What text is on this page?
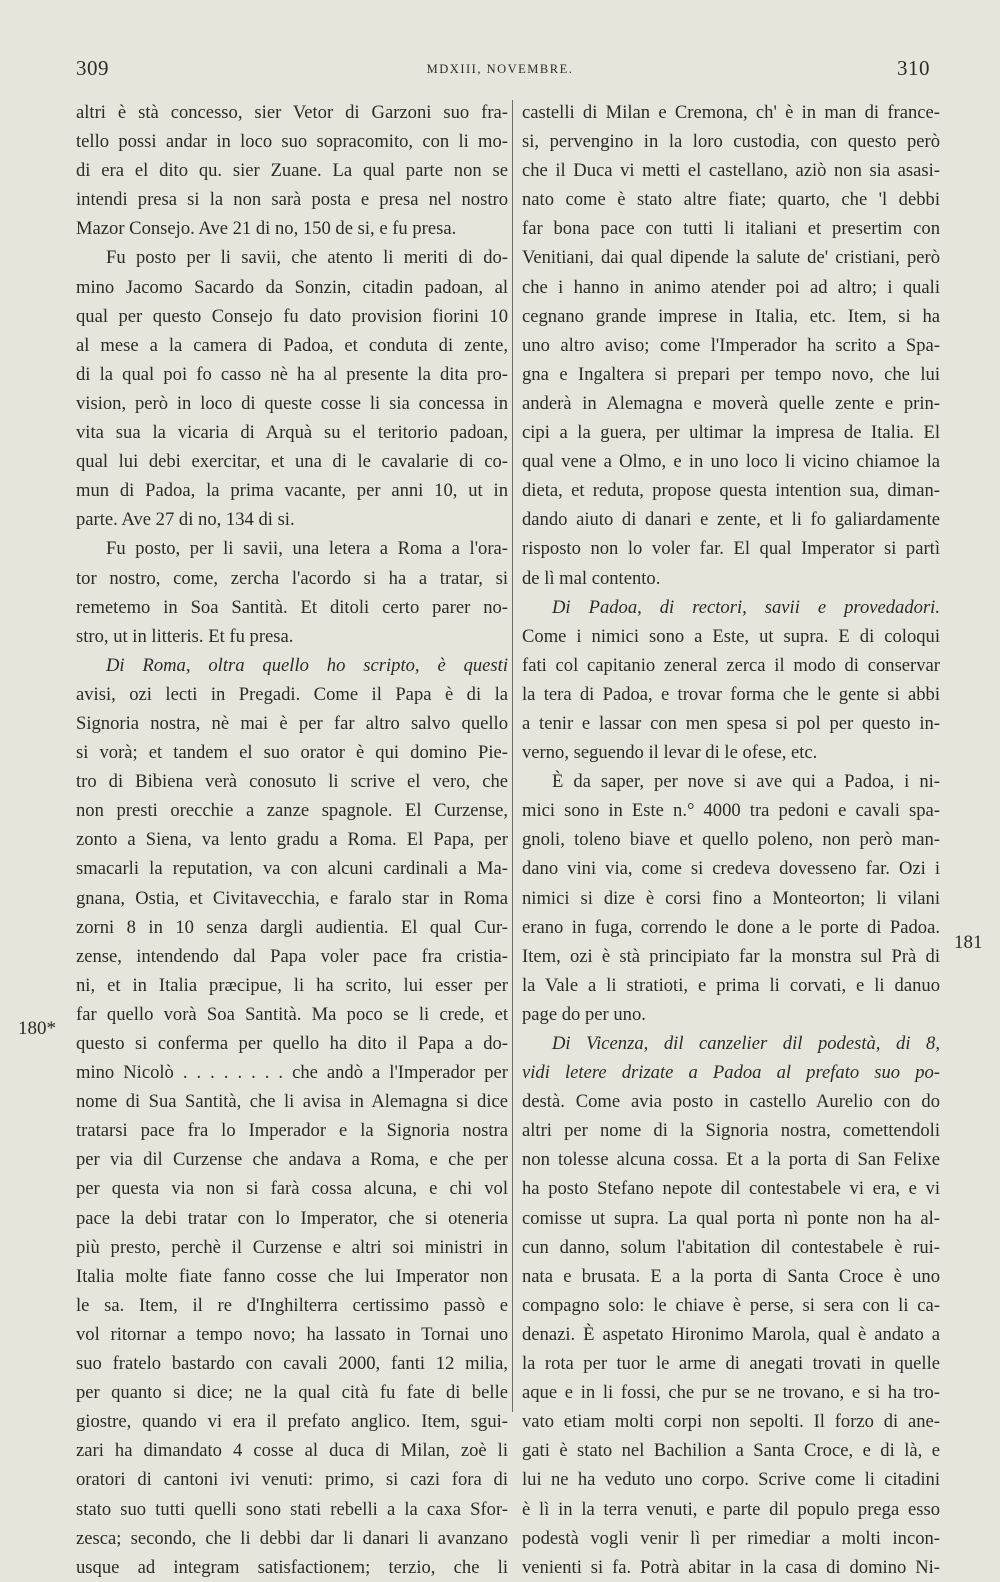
309	MDXIII, NOVEMBRE.	310
altri è stà concesso, sier Vetor di Garzoni suo fra-
tello possi andar in loco suo sopracomito, con li mo-
di era el dito qu. sier Zuane. La qual parte non se
intendi presa si la non sarà posta e presa nel nostro
Mazor Consejo. Ave 21 di no, 150 de si, e fu presa.
Fu posto per li savii, che atento li meriti di do-
mino Jacomo Sacardo da Sonzin, citadin padoan, al
qual per questo Consejo fu dato provision fiorini 10
al mese a la camera di Padoa, et conduta di zente,
di la qual poi fo casso nè ha al presente la dita pro-
vision, però in loco di queste cosse li sia concessa in
vita sua la vicaria di Arquà su el teritorio padoan,
qual lui debi exercitar, et una di le cavalarie di co-
mun di Padoa, la prima vacante, per anni 10, ut in
parte. Ave 27 di no, 134 di si.
Fu posto, per li savii, una letera a Roma a l'ora-
tor nostro, come, zercha l'acordo si ha a tratar, si
remetemo in Soa Santità. Et ditoli certo parer no-
stro, ut in litteris. Et fu presa.
Di Roma, oltra quello ho scripto, è questi
avisi, ozi lecti in Pregadi. Come il Papa è di la
Signoria nostra, nè mai è per far altro salvo quello
si vorà; et tandem el suo orator è qui domino Pie-
tro di Bibiena verà conosuto li scrive el vero, che
non presti orecchie a zanze spagnole. El Curzense,
zonto a Siena, va lento gradu a Roma. El Papa, per
smacarli la reputation, va con alcuni cardinali a Ma-
gnana, Ostia, et Civitavecchia, e faralo star in Roma
zorni 8 in 10 senza dargli audientia. El qual Cur-
zense, intendendo dal Papa voler pace fra cristia-
ni, et in Italia præcipue, li ha scrito, lui esser per
far quello vorà Soa Santità. Ma poco se li crede, et
questo si conferma per quello ha dito il Papa a do-
mino Nicolò . . . . . . . . che andò a l'Imperador per
nome di Sua Santità, che li avisa in Alemagna si dice
tratarsi pace fra lo Imperador e la Signoria nostra
per via dil Curzense che andava a Roma, e che per
per questa via non si farà cossa alcuna, e chi vol
pace la debi tratar con lo Imperator, che si oteneria
più presto, perchè il Curzense e altri soi ministri in
Italia molte fiate fanno cosse che lui Imperator non
le sa. Item, il re d'Inghilterra certissimo passò e
vol ritornar a tempo novo; ha lassato in Tornai uno
suo fratelo bastardo con cavali 2000, fanti 12 milia,
per quanto si dice; ne la qual cità fu fate di belle
giostre, quando vi era il prefato anglico. Item, sgui-
zari ha dimandato 4 cosse al duca di Milan, zoè li
oratori di cantoni ivi venuti: primo, si cazi fora di
stato suo tutti quelli sono stati rebelli a la caxa Sfor-
zesca; secondo, che li debbi dar li danari li avanzano
usque ad integram satisfactionem; terzio, che li
castelli di Milan e Cremona, ch' è in man di france-
si, pervengino in la loro custodia, con questo però
che il Duca vi metti el castellano, aziò non sia asasi-
nato come è stato altre fiate; quarto, che 'l debbi
far bona pace con tutti li italiani et presertim con
Venitiani, dai qual dipende la salute de' cristiani, però
che i hanno in animo atender poi ad altro; i quali
cegnano grande imprese in Italia, etc. Item, si ha
uno altro aviso; come l'Imperador ha scrito a Spa-
gna e Ingaltera si prepari per tempo novo, che lui
anderà in Alemagna e moverà quelle zente e prin-
cipi a la guera, per ultimar la impresa de Italia. El
qual vene a Olmo, e in uno loco li vicino chiamoe la
dieta, et reduta, propose questa intention sua, diman-
dando aiuto di danari e zente, et li fo galiardamente
risposto non lo voler far. El qual Imperator si partì
de lì mal contento.
Di Padoa, di rectori, savii e provedadori.
Come i nimici sono a Este, ut supra. E di coloqui
fati col capitanio zeneral zerca il modo di conservar
la tera di Padoa, e trovar forma che le gente si abbi
a tenir e lassar con men spesa si pol per questo in-
verno, seguendo il levar di le ofese, etc.
È da saper, per nove si ave qui a Padoa, i ni-
mici sono in Este n.° 4000 tra pedoni e cavali spa-
gnoli, toleno biave et quello poleno, non però man-
dano vini via, come si credeva dovesseno far. Ozi i
nimici si dize è corsi fino a Monteorton; li vilani
erano in fuga, correndo le done a le porte di Padoa.
Item, ozi è stà principiato far la monstra sul Prà di
la Vale a li stratioti, e prima li corvati, e li danuo
page do per uno.
Di Vicenza, dil canzelier dil podestà, di 8,
vidi letere drizate a Padoa al prefato suo po-
destà. Come avia posto in castello Aurelio con do
altri per nome di la Signoria nostra, comettendoli
non tolesse alcuna cossa. Et a la porta di San Felixe
ha posto Stefano nepote dil contestabele vi era, e vi
comisse ut supra. La qual porta nì ponte non ha al-
cun danno, solum l'abitation dil contestabele è rui-
nata e brusata. E a la porta di Santa Croce è uno
compagno solo: le chiave è perse, si sera con li ca-
denazi. È aspetato Hironimo Marola, qual è andato a
la rota per tuor le arme di anegati trovati in quelle
aque e in li fossi, che pur se ne trovano, e si ha tro-
vato etiam molti corpi non sepolti. Il forzo di ane-
gati è stato nel Bachilion a Santa Croce, e di là, e
lui ne ha veduto uno corpo. Scrive come li citadini
è lì in la terra venuti, e parte dil populo prega esso
podestà vogli venir lì per rimediar a molti incon-
venienti si fa. Potrà abitar in la casa di domino Ni-
180*
181
